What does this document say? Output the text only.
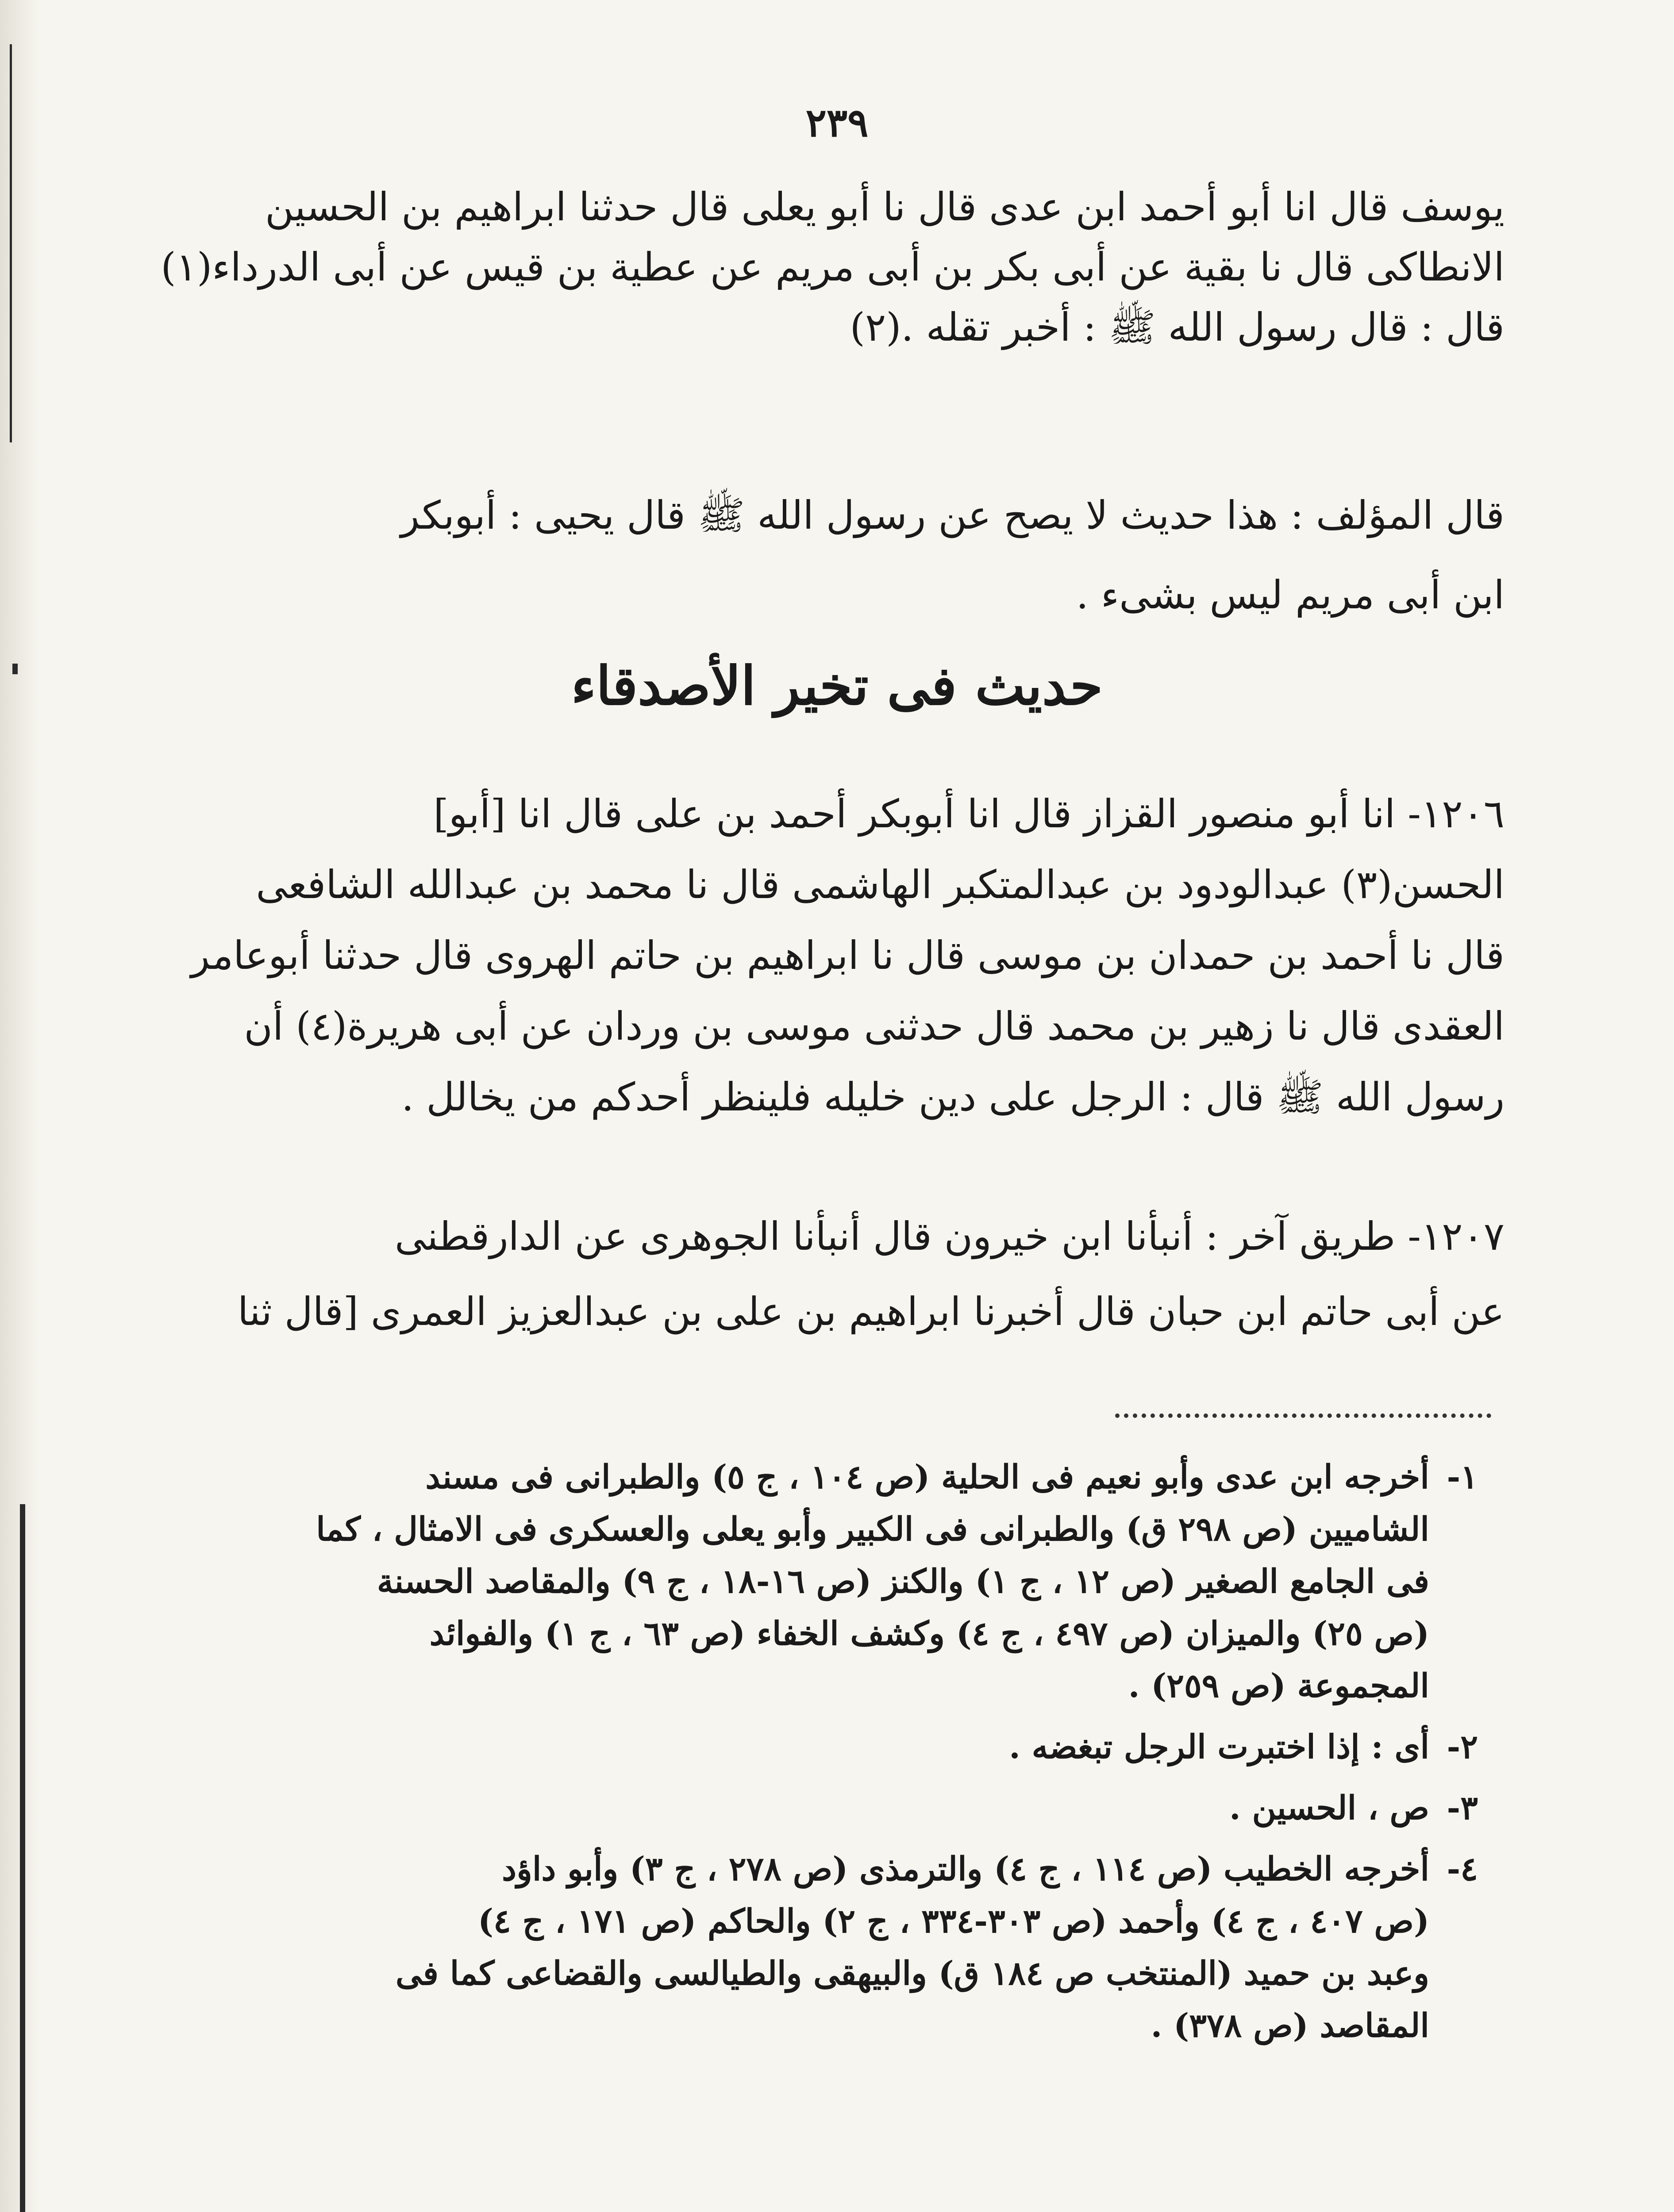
٢٣٩
يوسف قال انا أبو أحمد ابن عدى قال نا أبو يعلى قال حدثنا ابراهيم بن الحسين
الانطاكى قال نا بقية عن أبى بكر بن أبى مريم عن عطية بن قيس عن أبى الدرداء(١)
قال : قال رسول الله ﷺ : أخبر تقله .(٢)
قال المؤلف : هذا حديث لا يصح عن رسول الله ﷺ قال يحيى : أبوبكر
ابن أبى مريم ليس بشىء .
حديث فى تخير الأصدقاء
١٢٠٦- انا أبو منصور القزاز قال انا أبوبكر أحمد بن على قال انا [أبو]
الحسن(٣) عبدالودود بن عبدالمتكبر الهاشمى قال نا محمد بن عبدالله الشافعى
قال نا أحمد بن حمدان بن موسى قال نا ابراهيم بن حاتم الهروى قال حدثنا أبوعامر
العقدى قال نا زهير بن محمد قال حدثنى موسى بن وردان عن أبى هريرة(٤) أن
رسول الله ﷺ قال : الرجل على دين خليله فلينظر أحدكم من يخالل .
١٢٠٧- طريق آخر : أنبأنا ابن خيرون قال أنبأنا الجوهرى عن الدارقطنى
عن أبى حاتم ابن حبان قال أخبرنا ابراهيم بن على بن عبدالعزيز العمرى [قال ثنا
١-
أخرجه ابن عدى وأبو نعيم فى الحلية (ص ١٠٤ ، ج ٥) والطبرانى فى مسند
الشاميين (ص ٢٩٨ ق) والطبرانى فى الكبير وأبو يعلى والعسكرى فى الامثال ، كما
فى الجامع الصغير (ص ١٢ ، ج ١) والكنز (ص ١٦-١٨ ، ج ٩) والمقاصد الحسنة
(ص ٢٥) والميزان (ص ٤٩٧ ، ج ٤) وكشف الخفاء (ص ٦٣ ، ج ١) والفوائد
المجموعة (ص ٢٥٩) .
٢-
أى : إذا اختبرت الرجل تبغضه .
٣-
ص ، الحسين .
٤-
أخرجه الخطيب (ص ١١٤ ، ج ٤) والترمذى (ص ٢٧٨ ، ج ٣) وأبو داؤد
(ص ٤٠٧ ، ج ٤) وأحمد (ص ٣٠٣-٣٣٤ ، ج ٢) والحاكم (ص ١٧١ ، ج ٤)
وعبد بن حميد (المنتخب ص ١٨٤ ق) والبيهقى والطيالسى والقضاعى كما فى
المقاصد (ص ٣٧٨) .
